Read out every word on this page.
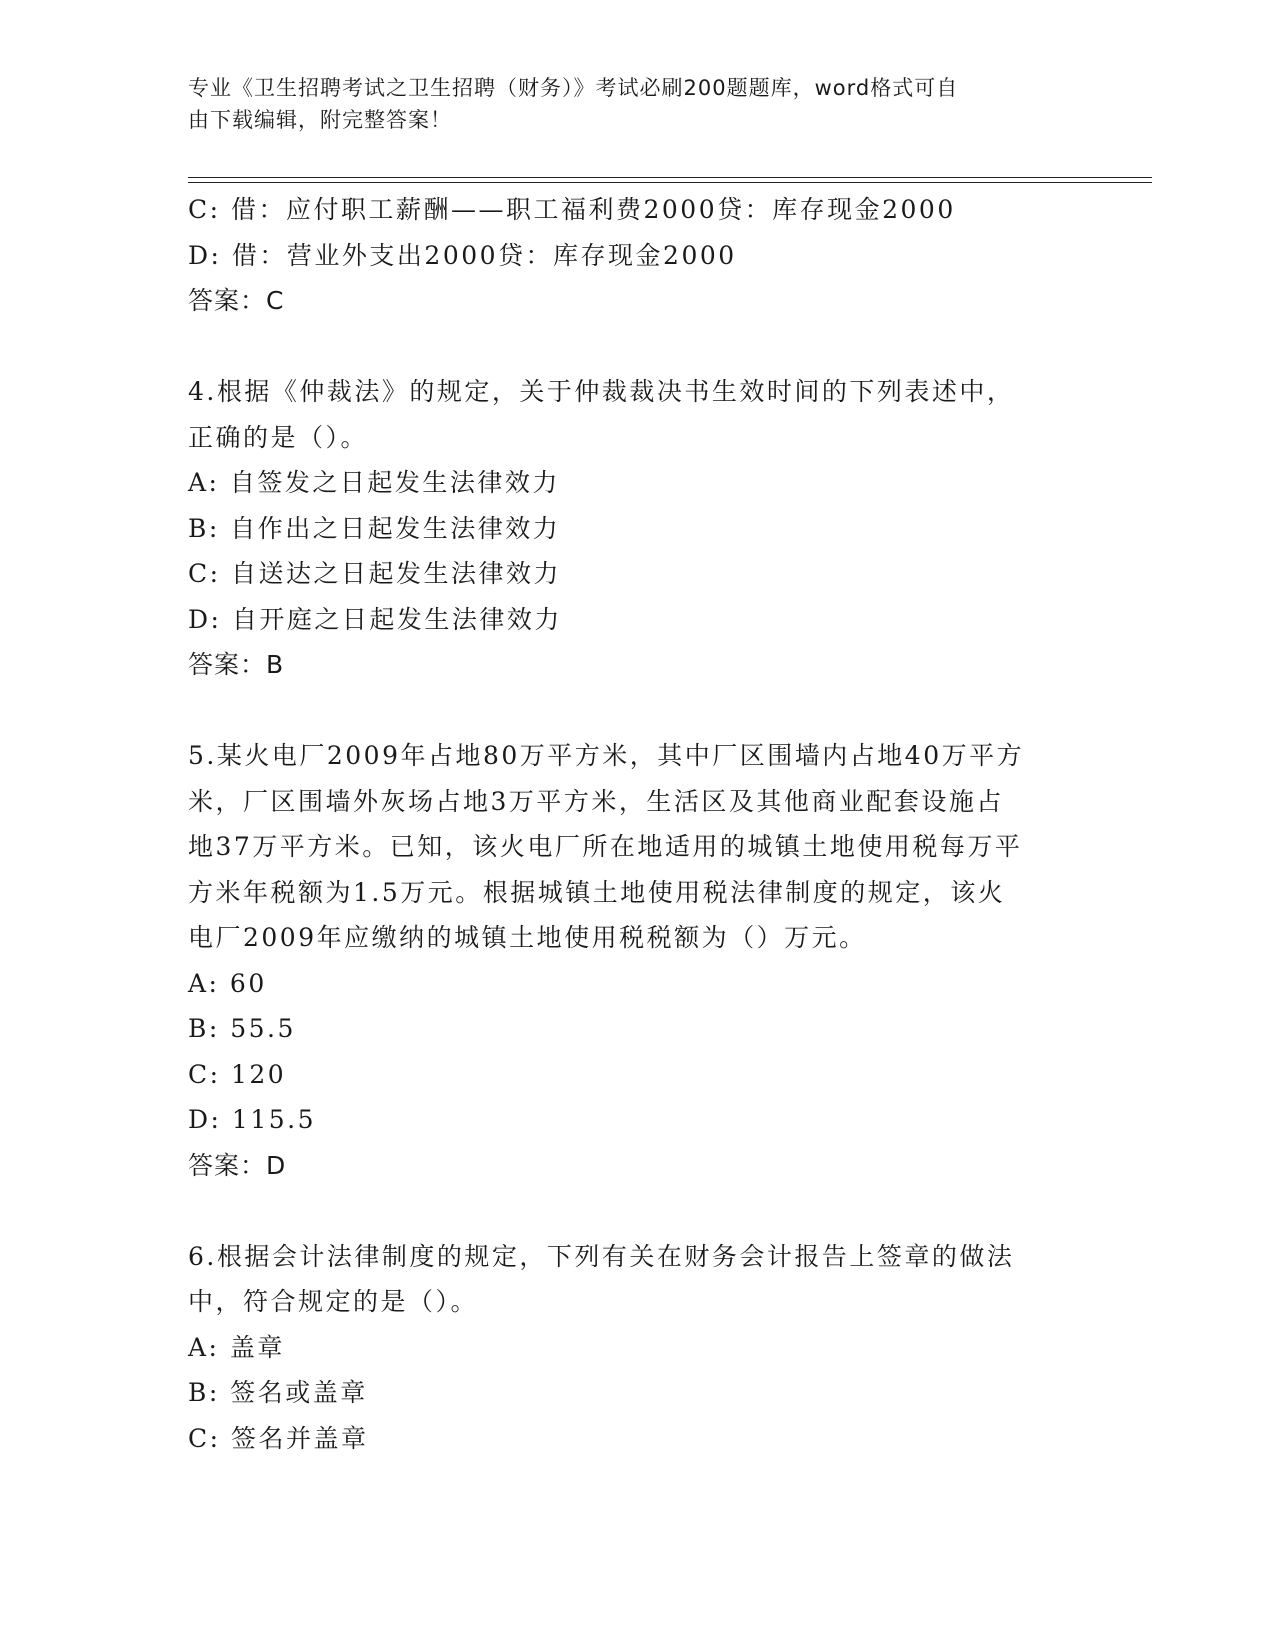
专业《卫生招聘考试之卫生招聘（财务）》考试必刷200题题库，word格式可自
由下载编辑，附完整答案！
C: 借：应付职工薪酬——职工福利费2000贷：库存现金2000
D: 借：营业外支出2000贷：库存现金2000
答案：C
4.根据《仲裁法》的规定，关于仲裁裁决书生效时间的下列表述中，
正确的是（）。
A: 自签发之日起发生法律效力
B: 自作出之日起发生法律效力
C: 自送达之日起发生法律效力
D: 自开庭之日起发生法律效力
答案：B
5.某火电厂2009年占地80万平方米，其中厂区围墙内占地40万平方
米，厂区围墙外灰场占地3万平方米，生活区及其他商业配套设施占
地37万平方米。已知，该火电厂所在地适用的城镇土地使用税每万平
方米年税额为1.5万元。根据城镇土地使用税法律制度的规定，该火
电厂2009年应缴纳的城镇土地使用税税额为（）万元。
A: 60
B: 55.5
C: 120
D: 115.5
答案：D
6.根据会计法律制度的规定，下列有关在财务会计报告上签章的做法
中，符合规定的是（）。
A: 盖章
B: 签名或盖章
C: 签名并盖章
